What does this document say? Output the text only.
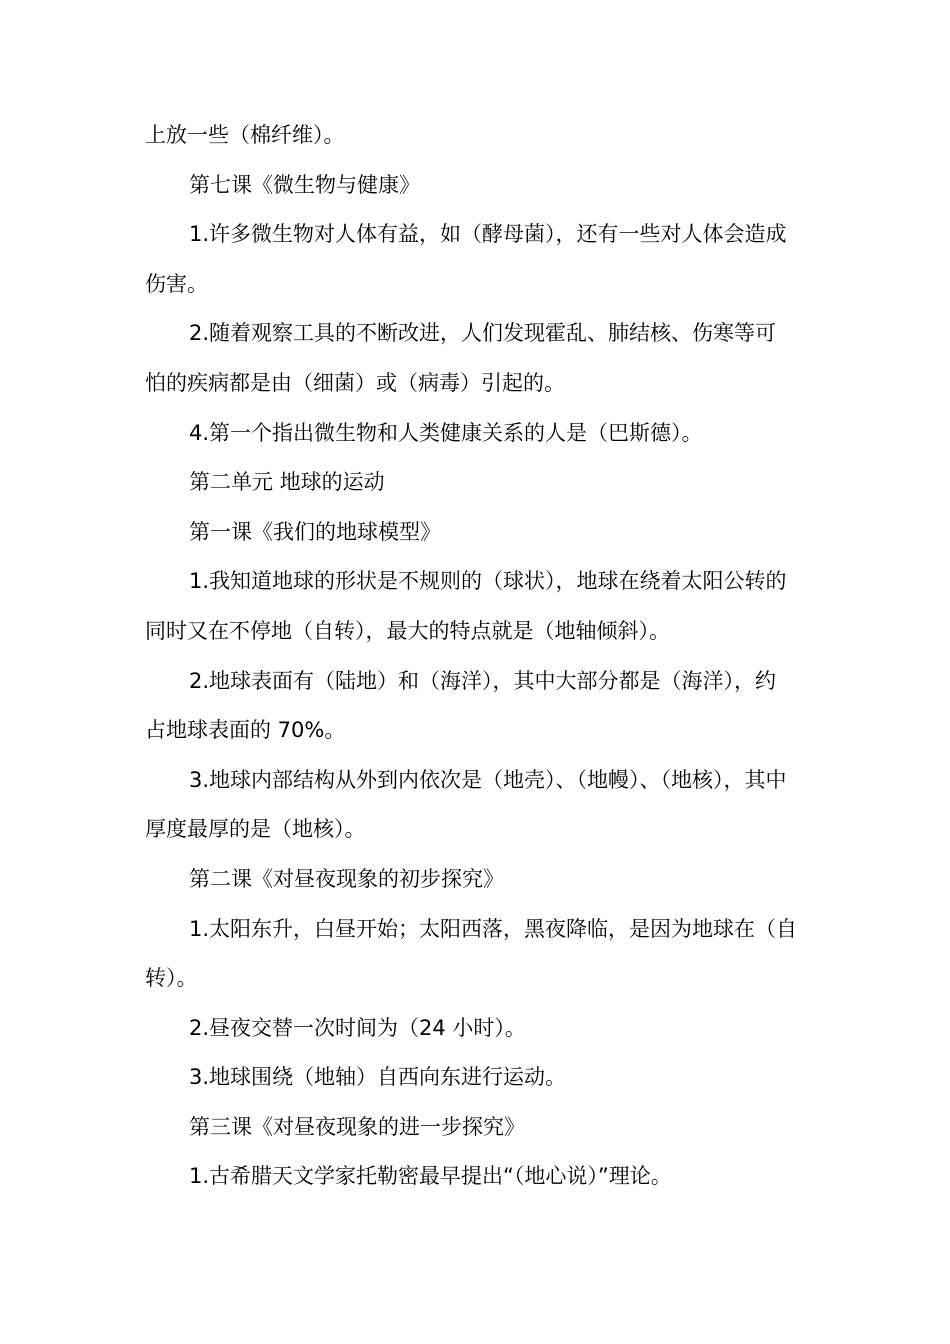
上放一些（棉纤维）。
第七课《微生物与健康》
1.许多微生物对人体有益，如（酵母菌），还有一些对人体会造成
伤害。
2.随着观察工具的不断改进，人们发现霍乱、肺结核、伤寒等可
怕的疾病都是由（细菌）或（病毒）引起的。
4.第一个指出微生物和人类健康关系的人是（巴斯德）。
第二单元 地球的运动
第一课《我们的地球模型》
1.我知道地球的形状是不规则的（球状），地球在绕着太阳公转的
同时又在不停地（自转），最大的特点就是（地轴倾斜）。
2.地球表面有（陆地）和（海洋），其中大部分都是（海洋），约
占地球表面的 70%。
3.地球内部结构从外到内依次是（地壳）、（地幔）、（地核），其中
厚度最厚的是（地核）。
第二课《对昼夜现象的初步探究》
1.太阳东升，白昼开始；太阳西落，黑夜降临，是因为地球在（自
转）。
2.昼夜交替一次时间为（24 小时）。
3.地球围绕（地轴）自西向东进行运动。
第三课《对昼夜现象的进一步探究》
1.古希腊天文学家托勒密最早提出“（地心说）”理论。
